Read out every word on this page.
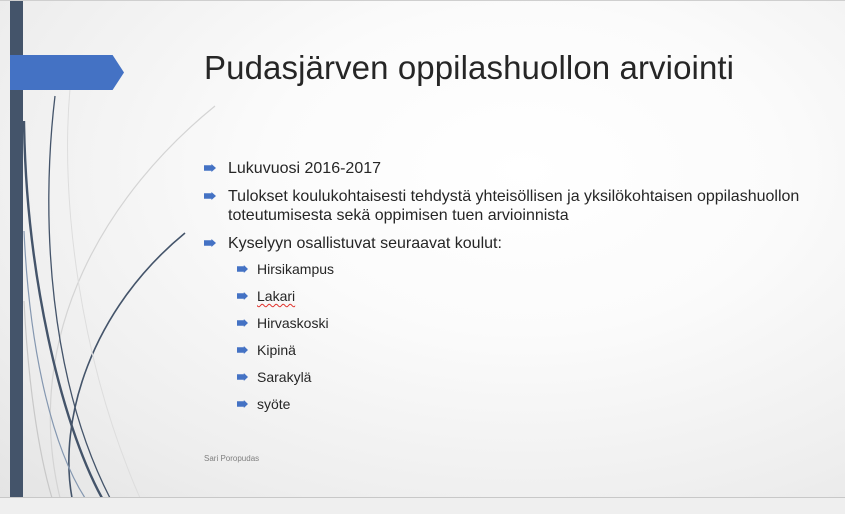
Pudasjärven oppilashuollon arviointi
Lukuvuosi 2016-2017
Tulokset koulukohtaisesti tehdystä yhteisöllisen ja yksilökohtaisen oppilashuollon toteutumisesta sekä oppimisen tuen arvioinnista
Kyselyyn osallistuvat seuraavat koulut:
Hirsikampus
Lakari
Hirvaskoski
Kipinä
Sarakylä
syöte
Sari Poropudas
